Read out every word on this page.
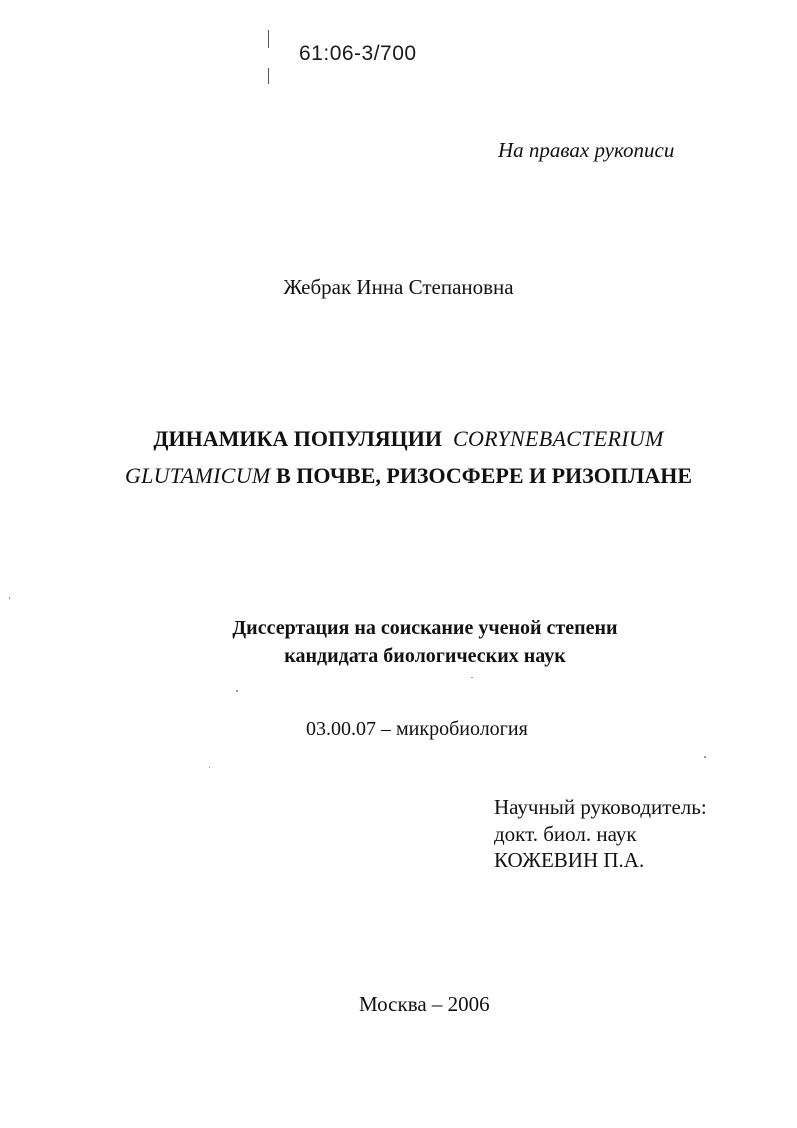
61:06-3/700
На правах рукописи
Жебрак Инна Степановна
ДИНАМИКА ПОПУЛЯЦИИ CORYNEBACTERIUM
GLUTAMICUM В ПОЧВЕ, РИЗОСФЕРЕ И РИЗОПЛАНЕ
Диссертация на соискание ученой степени
кандидата биологических наук
03.00.07 – микробиология
Научный руководитель:
докт. биол. наук
КОЖЕВИН П.А.
Москва – 2006
